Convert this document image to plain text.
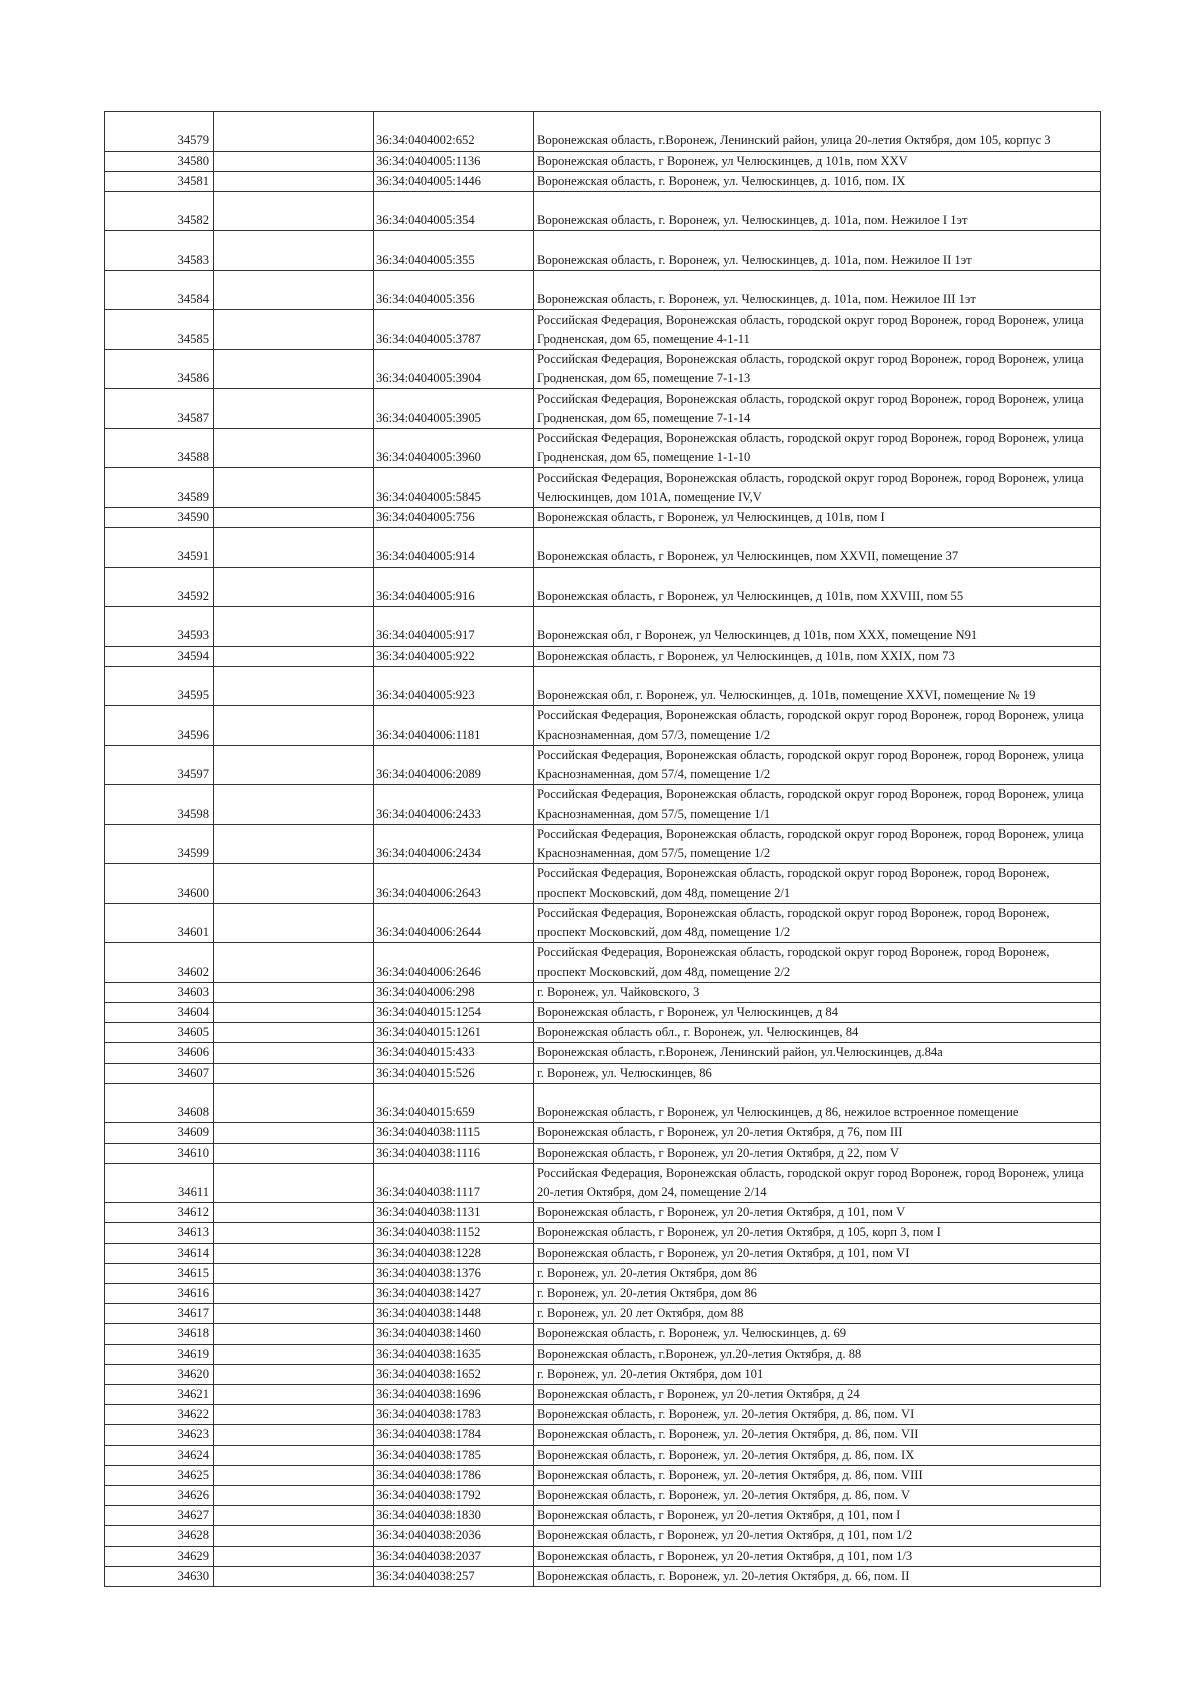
34579		36:34:0404002:652	Воронежская область, г.Воронеж, Ленинский район, улица 20-летия Октября, дом 105, корпус 3
34580		36:34:0404005:1136	Воронежская область, г Воронеж, ул Челюскинцев, д 101в, пом XXV
34581		36:34:0404005:1446	Воронежская область, г. Воронеж, ул. Челюскинцев, д. 101б, пом. IX
34582		36:34:0404005:354	Воронежская область, г. Воронеж, ул. Челюскинцев, д. 101а, пом. Нежилое I 1эт
34583		36:34:0404005:355	Воронежская область, г. Воронеж, ул. Челюскинцев, д. 101а, пом. Нежилое II 1эт
34584		36:34:0404005:356	Воронежская область, г. Воронеж, ул. Челюскинцев, д. 101а, пом. Нежилое III 1эт
34585		36:34:0404005:3787	Российская Федерация, Воронежская область, городской округ город Воронеж, город Воронеж, улица Гродненская, дом 65, помещение 4-1-11
34586		36:34:0404005:3904	Российская Федерация, Воронежская область, городской округ город Воронеж, город Воронеж, улица Гродненская, дом 65, помещение 7-1-13
34587		36:34:0404005:3905	Российская Федерация, Воронежская область, городской округ город Воронеж, город Воронеж, улица Гродненская, дом 65, помещение 7-1-14
34588		36:34:0404005:3960	Российская Федерация, Воронежская область, городской округ город Воронеж, город Воронеж, улица Гродненская, дом 65, помещение 1-1-10
34589		36:34:0404005:5845	Российская Федерация, Воронежская область, городской округ город Воронеж, город Воронеж, улица Челюскинцев, дом 101А, помещение IV,V
34590		36:34:0404005:756	Воронежская область, г Воронеж, ул Челюскинцев, д 101в, пом I
34591		36:34:0404005:914	Воронежская область, г Воронеж, ул Челюскинцев, пом XXVII, помещение 37
34592		36:34:0404005:916	Воронежская область, г Воронеж, ул Челюскинцев, д 101в, пом XXVIII, пом 55
34593		36:34:0404005:917	Воронежская обл, г Воронеж, ул Челюскинцев, д 101в, пом XXX, помещение N91
34594		36:34:0404005:922	Воронежская область, г Воронеж, ул Челюскинцев, д 101в, пом XXIX, пом 73
34595		36:34:0404005:923	Воронежская обл, г. Воронеж, ул. Челюскинцев, д. 101в, помещение XXVI, помещение № 19
34596		36:34:0404006:1181	Российская Федерация, Воронежская область, городской округ город Воронеж, город Воронеж, улица Краснознаменная, дом 57/3, помещение 1/2
34597		36:34:0404006:2089	Российская Федерация, Воронежская область, городской округ город Воронеж, город Воронеж, улица Краснознаменная, дом 57/4, помещение 1/2
34598		36:34:0404006:2433	Российская Федерация, Воронежская область, городской округ город Воронеж, город Воронеж, улица Краснознаменная, дом 57/5, помещение 1/1
34599		36:34:0404006:2434	Российская Федерация, Воронежская область, городской округ город Воронеж, город Воронеж, улица Краснознаменная, дом 57/5, помещение 1/2
34600		36:34:0404006:2643	Российская Федерация, Воронежская область, городской округ город Воронеж, город Воронеж, проспект Московский, дом 48д, помещение 2/1
34601		36:34:0404006:2644	Российская Федерация, Воронежская область, городской округ город Воронеж, город Воронеж, проспект Московский, дом 48д, помещение 1/2
34602		36:34:0404006:2646	Российская Федерация, Воронежская область, городской округ город Воронеж, город Воронеж, проспект Московский, дом 48д, помещение 2/2
34603		36:34:0404006:298	г. Воронеж, ул. Чайковского, 3
34604		36:34:0404015:1254	Воронежская область, г Воронеж, ул Челюскинцев, д 84
34605		36:34:0404015:1261	Воронежская область обл., г. Воронеж, ул. Челюскинцев, 84
34606		36:34:0404015:433	Воронежская область, г.Воронеж, Ленинский район, ул.Челюскинцев, д.84а
34607		36:34:0404015:526	г. Воронеж, ул. Челюскинцев, 86
34608		36:34:0404015:659	Воронежская область, г Воронеж, ул Челюскинцев, д 86, нежилое встроенное помещение
34609		36:34:0404038:1115	Воронежская область, г Воронеж, ул 20-летия Октября, д 76, пом III
34610		36:34:0404038:1116	Воронежская область, г Воронеж, ул 20-летия Октября, д 22, пом V
34611		36:34:0404038:1117	Российская Федерация, Воронежская область, городской округ город Воронеж, город Воронеж, улица 20-летия Октября, дом 24, помещение 2/14
34612		36:34:0404038:1131	Воронежская область, г Воронеж, ул 20-летия Октября, д 101, пом V
34613		36:34:0404038:1152	Воронежская область, г Воронеж, ул 20-летия Октября, д 105, корп 3, пом I
34614		36:34:0404038:1228	Воронежская область, г Воронеж, ул 20-летия Октября, д 101, пом VI
34615		36:34:0404038:1376	г. Воронеж, ул. 20-летия Октября, дом 86
34616		36:34:0404038:1427	г. Воронеж, ул. 20-летия Октября, дом 86
34617		36:34:0404038:1448	г. Воронеж, ул. 20 лет Октября, дом 88
34618		36:34:0404038:1460	Воронежская область, г. Воронеж, ул. Челюскинцев, д. 69
34619		36:34:0404038:1635	Воронежская область, г.Воронеж, ул.20-летия Октября, д. 88
34620		36:34:0404038:1652	г. Воронеж, ул. 20-летия Октября, дом 101
34621		36:34:0404038:1696	Воронежская область, г Воронеж, ул 20-летия Октября, д 24
34622		36:34:0404038:1783	Воронежская область, г. Воронеж, ул. 20-летия Октября, д. 86, пом. VI
34623		36:34:0404038:1784	Воронежская область, г. Воронеж, ул. 20-летия Октября, д. 86, пом. VII
34624		36:34:0404038:1785	Воронежская область, г. Воронеж, ул. 20-летия Октября, д. 86, пом. IX
34625		36:34:0404038:1786	Воронежская область, г. Воронеж, ул. 20-летия Октября, д. 86, пом. VIII
34626		36:34:0404038:1792	Воронежская область, г. Воронеж, ул. 20-летия Октября, д. 86, пом. V
34627		36:34:0404038:1830	Воронежская область, г Воронеж, ул 20-летия Октября, д 101, пом I
34628		36:34:0404038:2036	Воронежская область, г Воронеж, ул 20-летия Октября, д 101, пом 1/2
34629		36:34:0404038:2037	Воронежская область, г Воронеж, ул 20-летия Октября, д 101, пом 1/3
34630		36:34:0404038:257	Воронежская область, г. Воронеж, ул. 20-летия Октября, д. 66, пом. II
